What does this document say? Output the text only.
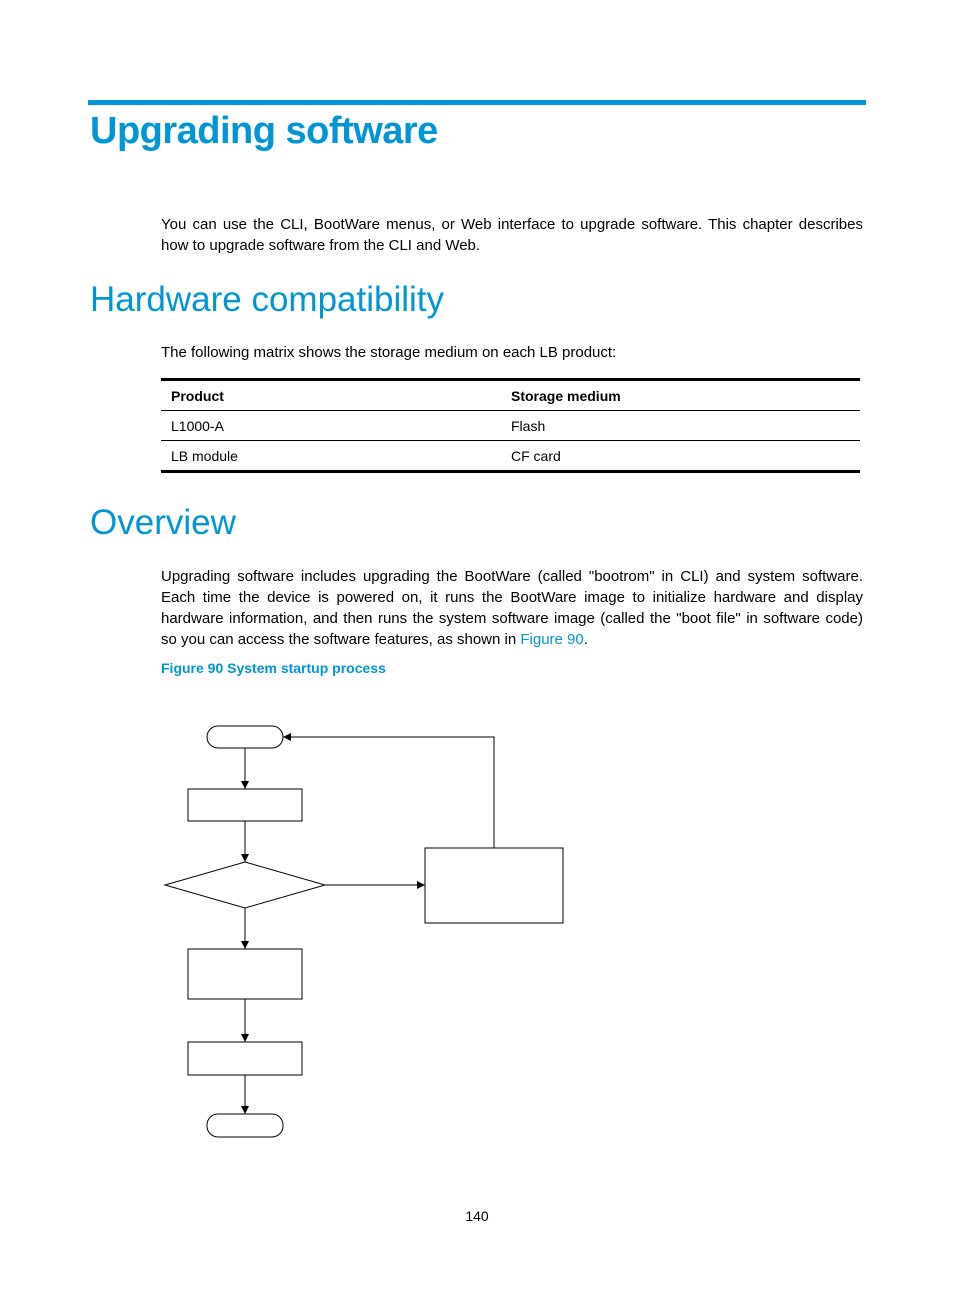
Upgrading software

You can use the CLI, BootWare menus, or Web interface to upgrade software. This chapter describes how to upgrade software from the CLI and Web.

Hardware compatibility

The following matrix shows the storage medium on each LB product:

Product	Storage medium
L1000-A	Flash
LB module	CF card
Overview

Upgrading software includes upgrading the BootWare (called "bootrom" in CLI) and system software. Each time the device is powered on, it runs the BootWare image to initialize hardware and display hardware information, and then runs the system software image (called the "boot file" in software code) so you can access the software features, as shown in Figure 90.

Figure 90 System startup process

140
